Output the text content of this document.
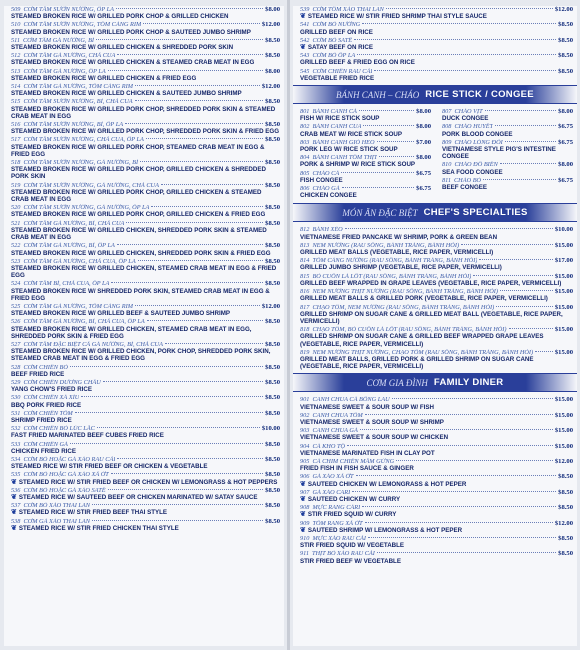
509 CƠM TẤM SƯỜN NƯỚNG, ÔP LA	$8.00
STEAMED BROKEN RICE W/ GRILLED PORK CHOP & GRILLED CHICKEN
510 CƠM TẤM SƯỜN NƯỚNG, TÔM CÀNG RIM	$12.00
STEAMED BROKEN RICE W/ GRILLED PORK CHOP & SAUTEED JUMBO SHRIMP
511 CƠM TẤM GÀ NƯỚNG, BÌ	$8.50
STEAMED BROKEN RICE W/ GRILLED CHICKEN & SHREDDED PORK SKIN
512 CƠM TẤM GÀ NƯỚNG, CHẢ CUA	$8.50
STEAMED BROKEN RICE W/ GRILLED CHICKEN & STEAMED CRAB MEAT IN EGG
513 CƠM TẤM GÀ NƯỚNG, ÔP LA	$8.00
STEAMED BROKEN RICE W/ GRILLED CHICKEN & FRIED EGG
514 CƠM TẤM GÀ NƯỚNG, TÔM CÀNG RIM	$12.00
STEAMED BROKEN RICE W/ GRILLED CHICKEN & SAUTEED JUMBO SHRIMP
515 CƠM TẤM SƯỜN NƯỚNG, BÌ, CHẢ CUA	$8.50
STEAMED BROKEN RICE W/ GRILLED PORK CHOP, SHREDDED PORK SKIN & STEAMED CRAB MEAT IN EGG
516 CƠM TẤM SƯỜN NƯỚNG, BÌ, ÔP LA	$8.50
STEAMED BROKEN RICE W/ GRILLED PORK CHOP, SHREDDED PORK SKIN & FRIED EGG
517 CƠM TẤM SƯỜN NƯỚNG, CHẢ CUA, ÔP LA	$8.50
STEAMED BROKEN RICE W/ GRILLED PORK CHOP, STEAMED CRAB MEAT IN EGG & FRIED EGG
518 CƠM TẤM SƯỜN NƯỚNG, GÀ NƯỚNG, BÌ	$8.50
STEAMED BROKEN RICE W/ GRILLED PORK CHOP, GRILLED CHICKEN & SHREDDED PORK SKIN
519 CƠM TẤM SƯỜN NƯỚNG, GÀ NƯỚNG, CHẢ CUA	$8.50
STEAMED BROKEN RICE W/ GRILLED PORK CHOP, GRILLED CHICKEN & STEAMED CRAB MEAT IN EGG
520 CƠM TẤM SƯỜN NƯỚNG, GÀ NƯỚNG, ÔP LA	$8.50
STEAMED BROKEN RICE W/ GRILLED PORK CHOP, GRILLED CHICKEN & FRIED EGG
521 CƠM TẤM GÀ NƯỚNG, BÌ, CHẢ CUA	$8.50
STEAMED BROKEN RICE W/ GRILLED CHICKEN, SHREDDED PORK SKIN & STEAMED CRAB MEAT IN EGG
522 CƠM TẤM GÀ NƯỚNG, BÌ, ÔP LA	$8.50
STEAMED BROKEN RICE W/ GRILLED CHICKEN, SHREDDED PORK SKIN & FRIED EGG
523 CƠM TẤM GÀ NƯỚNG, CHẢ CUA, ÔP LA	$8.50
STEAMED BROKEN RICE W/ GRILLED CHICKEN, STEAMED CRAB MEAT IN EGG & FRIED EGG
524 CƠM TẤM BÌ, CHẢ CUA, ÔP LA	$8.50
STEAMED BROKEN RICE W/ SHREDDED PORK SKIN, STEAMED CRAB MEAT IN EGG & FRIED EGG
525 CƠM TẤM GÀ NƯỚNG, TÔM CÀNG RIM	$12.00
STEAMED BROKEN RICE W/ GRILLED BEEF & SAUTEED JUMBO SHRIMP
526 CƠM TẤM GÀ NƯỚNG, BÌ, CHẢ CUA, ÔP LA	$8.50
STEAMED BROKEN RICE W/ GRILLED CHICKEN, STEAMED CRAB MEAT IN EGG, SHREDDED PORK SKIN & FRIED EGG
527 CƠM TẤM ĐẶC BIỆT CẢ GÀ NƯỚNG, BÌ, CHẢ CUA	$8.50
STEAMED BROKEN RICE W/ GRILLED CHICKEN, PORK CHOP, SHREDDED PORK SKIN, STEAMED CRAB MEAT IN EGG & FRIED EGG
528 CƠM CHIÊN BÒ	$8.50
BEEF FRIED RICE
529 CƠM CHIÊN DƯƠNG CHÂU	$8.50
YANG CHOW'S FRIED RICE
530 CƠM CHIÊN XÁ XÍU	$8.50
BBQ PORK FRIED RICE
531 CƠM CHIÊN TÔM	$8.50
SHRIMP FRIED RICE
532 CƠM CHIÊN BÒ LÚC LẮC	$10.00
FAST FRIED MARINATED BEEF CUBES FRIED RICE
533 CƠM CHIÊN GÀ	$8.50
CHICKEN FRIED RICE
534 CƠM BÒ HOẶC GÀ XÀO RAU CẢI	$8.50
STEAMED RICE W/ STIR FRIED BEEF OR CHICKEN & VEGETABLE
535 CƠM BÒ HOẶC GÀ XÀO XẢ ỚT	$8.50
❦ STEAMED RICE W/ STIR FRIED BEEF OR CHICKEN W/ LEMONGRASS & HOT PEPPERS
536 CƠM BÒ HOẶC GÀ XÀO SATẾ	$8.50
❦ STEAMED RICE W/ SAUTEED BEEF OR CHICKEN MARINATED W/ SATAY SAUCE
537 CƠM BÒ XÀO THAI LAN	$8.50
❦ STEAMED RICE W/ STIR FRIED BEEF THAI STYLE
538 CƠM GÀ XÀO THAI LAN	$8.50
❦ STEAMED RICE W/ STIR FRIED CHICKEN THAI STYLE
539 CƠM TÔM XÀO THAI LAN	$12.00
❦ STEAMED RICE W/ STIR FRIED SHRIMP THAI STYLE SAUCE
541 CƠM BÒ NƯỚNG	$8.50
GRILLED BEEF ON RICE
542 CƠM BÒ SATẾ	$8.50
❦ SATAY BEEF ON RICE
543 CƠM BÒ ỐP LA	$8.50
GRILLED BEEF & FRIED EGG ON RICE
545 CƠM CHIÊN RAU CẢI	$8.50
VEGETABLE FRIED RICE
BÁNH CANH – CHÁO RICE STICK / CONGEE
801 BÁNH CANH CÁ	$8.00
FISH W/ RICE STICK SOUP
802 BÁNH CANH CUA	$8.00
CRAB MEAT W/ RICE STICK SOUP
803 BÁNH CANH GIÒ HEO	$7.00
PORK LEG W/ RICE STICK SOUP
804 BÁNH CANH TÔM THỊT	$8.00
PORK & SHRIMP W/ RICE STICK SOUP
805 CHÁO CÁ	$6.75
FISH CONGEE
806 CHÁO GÀ	$6.75
CHICKEN CONGEE
807 CHÁO VỊT	$8.00
DUCK CONGEE
808 CHÁO HUYẾT	$6.75
PORK BLOOD CONGEE
809 CHÁO LÒNG ĐỎI	$6.75
VIETNAMESE STYLE PIG'S INTESTINE CONGEE
810 CHÁO ĐỒ BIỂN	$8.00
SEA FOOD CONGEE
811 CHÁO BÒ	$6.75
BEEF CONGEE
MÓN ĂN ĐẶC BIỆT CHEF'S SPECIALTIES
812 BÁNH XÈO	$10.00
VIETNAMESE FRIED PANCAKE W/ SHRIMP, PORK & GREEN BEAN
813 NEM NƯỚNG (RAU SỐNG, BÁNH TRÁNG, BÁNH HỎI)	$15.00
GRILLED MEAT BALLS (VEGETABLE, RICE PAPER, VERMICELLI)
814 TÔM CÀNG NƯỚNG (RAU SỐNG, BÁNH TRÁNG, BÁNH HỎI)	$17.00
GRILLED JUMBO SHRIMP (VEGETABLE, RICE PAPER, VERMICELLI)
815 BÒ CUỐN LÁ LỐT (RAU SỐNG, BÁNH TRÁNG, BÁNH HỎI)	$15.00
GRILLED BEEF WRAPPED IN GRAPE LEAVES (VEGETABLE, RICE PAPER, VERMICELLI)
816 NEM NƯỚNG THỊT NƯỚNG (RAU SỐNG, BÁNH TRÁNG, BÁNH HỎI)	$15.00
GRILLED MEAT BALLS & GRILLED PORK (VEGETABLE, RICE PAPER, VERMICELLI)
817 CHẠO TÔM, NEM NƯỚNG (RAU SỐNG, BÁNH TRÁNG, BÁNH HỎI)	$15.00
GRILLED SHRIMP ON SUGAR CANE & GRILLED MEAT BALL (VEGETABLE, RICE PAPER, VERMICELLI)
818 CHẠO TÔM, BÒ CUỐN LÁ LỐT (RAU SỐNG, BÁNH TRÁNG, BÁNH HỎI)	$15.00
GRILLED SHRIMP ON SUGAR CANE & GRILLED BEEF WRAPPED GRAPE LEAVES (VEGETABLE, RICE PAPER, VERMICELLI)
819 NEM NƯỚNG THỊT NƯỚNG, CHẠO TÔM (RAU SỐNG, BÁNH TRÁNG, BÁNH HỎI)	$15.00
GRILLED MEAT BALLS, GRILLED PORK & GRILLED SHRIMP ON SUGAR CANE (VEGETABLE, RICE PAPER, VERMICELLI)
CƠM GIA ĐÌNH FAMILY DINER
901 CANH CHUA CÁ BÔNG LAU	$15.00
VIETNAMESE SWEET & SOUR SOUP W/ FISH
902 CANH CHUA TÔM	$15.00
VIETNAMESE SWEET & SOUR SOUP W/ SHRIMP
903 CANH CHUA GÀ	$15.00
VIETNAMESE SWEET & SOUR SOUP W/ CHICKEN
904 CÁ KHO TỘ	$15.00
VIETNAMESE MARINATED FISH IN CLAY POT
905 CÁ CHIM CHIÊN MẮM GỪNG	$12.00
FRIED FISH IN FISH SAUCE & GINGER
906 GÀ XÀO XẢ ỚT	$8.50
❦ SAUTEED CHICKEN W/ LEMONGRASS & HOT PEPER
907 GÀ XÀO CARI	$8.50
❦ SAUTEED CHICKEN W/ CURRY
908 MỰC RANG CÁRI	$8.50
❦ STIR FRIED SQUID W/ CURRY
909 TÔM RANG XẢ ỚT	$12.00
❦ SAUTEED SHRIMP W/ LEMONGRASS & HOT PEPER
910 MỰC XÀO RAU CẢI	$8.50
STIR FRIED SQUID W/ VEGETABLE
911 THỊT BÒ XÀO RAU CẢI	$8.50
STIR FRIED BEEF W/ VEGETABLE
